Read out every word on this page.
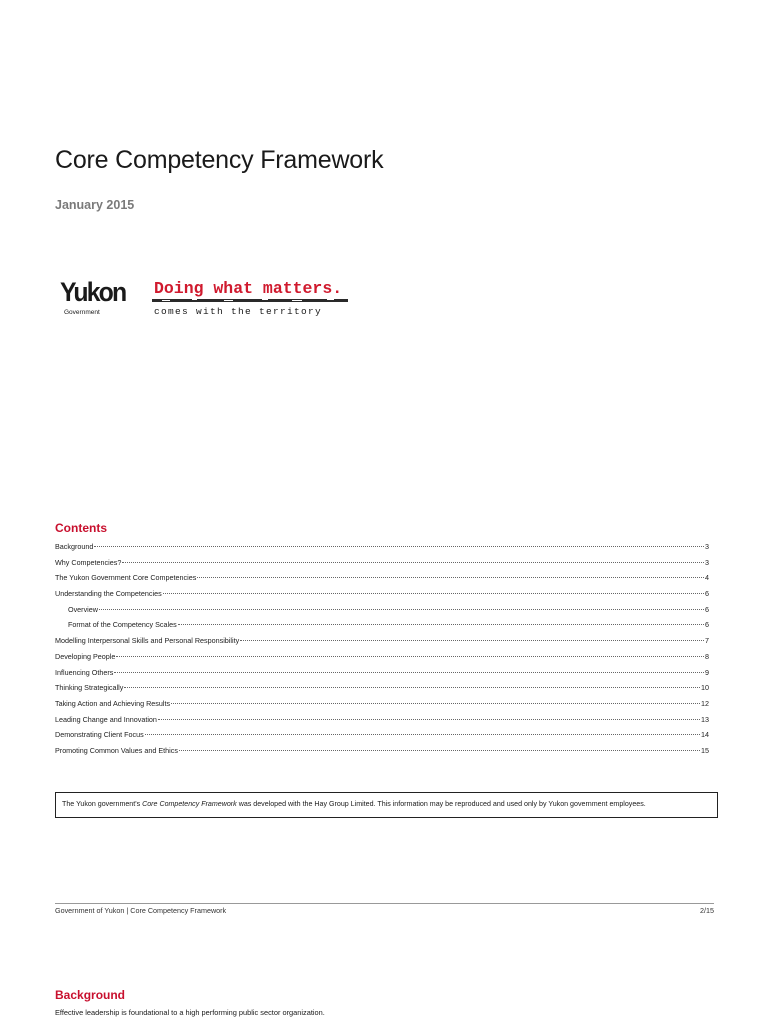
Core Competency Framework
January 2015
Yukon
Government
Doing what matters.
comes with the territory
Contents
Background	3
Why Competencies?	3
The Yukon Government Core Competencies	4
Understanding the Competencies	6
Overview	6
Format of the Competency Scales	6
Modelling Interpersonal Skills and Personal Responsibility	7
Developing People	8
Influencing Others	9
Thinking Strategically	10
Taking Action and Achieving Results	12
Leading Change and Innovation	13
Demonstrating Client Focus	14
Promoting Common Values and Ethics	15
The Yukon government's Core Competency Framework was developed with the Hay Group Limited. This information may be reproduced and used only by Yukon government employees.
Government of Yukon | Core Competency Framework	2/15
Background

Effective leadership is foundational to a high performing public sector organization.
